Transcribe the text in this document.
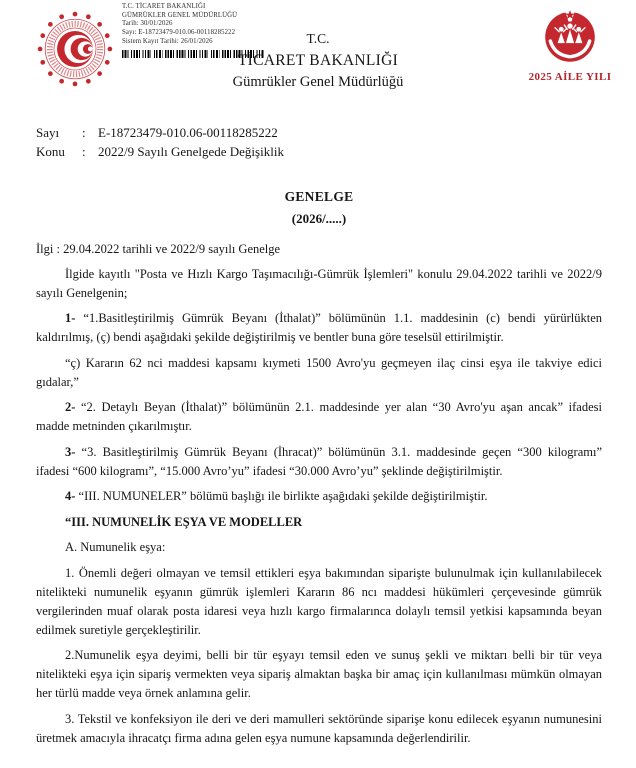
T.C. TİCARET BAKANLIĞI
GÜMRÜKLER GENEL MÜDÜRLÜĞÜ
Tarih: 30/01/2026
Sayı: E-18723479-010.06-00118285222
Sistem Kayıt Tarihi: 26/01/2026	T.C.
TİCARET BAKANLIĞI
Gümrükler Genel Müdürlüğü	2025 AİLE YILI
Sayı	: E-18723479-010.06-00118285222
Konu	: 2022/9 Sayılı Genelgede Değişiklik
GENELGE
(2026/.....)
İlgi : 29.04.2022 tarihli ve 2022/9 sayılı Genelge

İlgide kayıtlı "Posta ve Hızlı Kargo Taşımacılığı-Gümrük İşlemleri" konulu 29.04.2022 tarihli ve 2022/9 sayılı Genelgenin;

1- “1.Basitleştirilmiş Gümrük Beyanı (İthalat)” bölümünün 1.1. maddesinin (c) bendi yürürlükten kaldırılmış, (ç) bendi aşağıdaki şekilde değiştirilmiş ve bentler buna göre teselsül ettirilmiştir.

“ç) Kararın 62 nci maddesi kapsamı kıymeti 1500 Avro'yu geçmeyen ilaç cinsi eşya ile takviye edici gıdalar,”

2- “2. Detaylı Beyan (İthalat)” bölümünün 2.1. maddesinde yer alan “30 Avro'yu aşan ancak” ifadesi madde metninden çıkarılmıştır.

3- “3. Basitleştirilmiş Gümrük Beyanı (İhracat)” bölümünün 3.1. maddesinde geçen “300 kilogramı” ifadesi “600 kilogramı”, “15.000 Avro’yu” ifadesi “30.000 Avro’yu” şeklinde değiştirilmiştir.

4- “III. NUMUNELER” bölümü başlığı ile birlikte aşağıdaki şekilde değiştirilmiştir.

“III. NUMUNELİK EŞYA VE MODELLER

A. Numunelik eşya:

1. Önemli değeri olmayan ve temsil ettikleri eşya bakımından siparişte bulunulmak için kullanılabilecek nitelikteki numunelik eşyanın gümrük işlemleri Kararın 86 ncı maddesi hükümleri çerçevesinde gümrük vergilerinden muaf olarak posta idaresi veya hızlı kargo firmalarınca dolaylı temsil yetkisi kapsamında beyan edilmek suretiyle gerçekleştirilir.

2.Numunelik eşya deyimi, belli bir tür eşyayı temsil eden ve sunuş şekli ve miktarı belli bir tür veya nitelikteki eşya için sipariş vermekten veya sipariş almaktan başka bir amaç için kullanılması mümkün olmayan her türlü madde veya örnek anlamına gelir.

3. Tekstil ve konfeksiyon ile deri ve deri mamulleri sektöründe siparişe konu edilecek eşyanın numunesini üretmek amacıyla ihracatçı firma adına gelen eşya numune kapsamında değerlendirilir.
